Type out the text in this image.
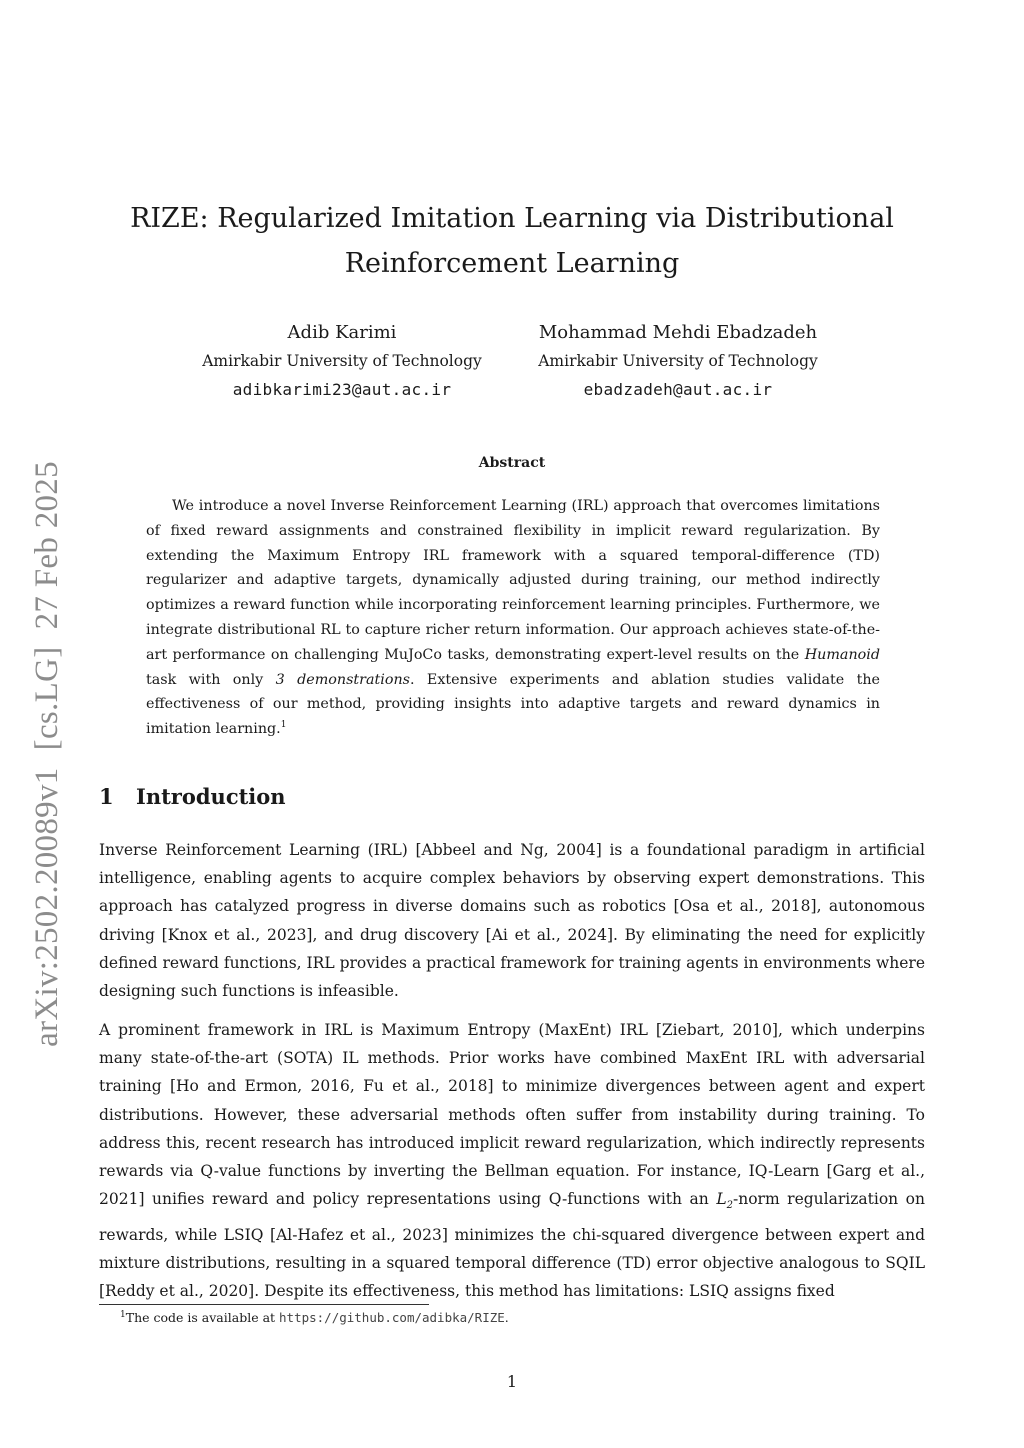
arXiv:2502.20089v1  [cs.LG]  27 Feb 2025
RIZE: Regularized Imitation Learning via Distributional
Reinforcement Learning
Adib Karimi
Amirkabir University of Technology
adibkarimi23@aut.ac.ir
Mohammad Mehdi Ebadzadeh
Amirkabir University of Technology
ebadzadeh@aut.ac.ir
Abstract

We introduce a novel Inverse Reinforcement Learning (IRL) approach that overcomes limitations of fixed reward assignments and constrained flexibility in implicit reward regularization. By extending the Maximum Entropy IRL framework with a squared temporal-difference (TD) regularizer and adaptive targets, dynamically adjusted during training, our method indirectly optimizes a reward function while incorporating reinforcement learning principles. Furthermore, we integrate distributional RL to capture richer return information. Our approach achieves state-of-the-art performance on challenging MuJoCo tasks, demonstrating expert-level results on the Humanoid task with only 3 demonstrations. Extensive experiments and ablation studies validate the effectiveness of our method, providing insights into adaptive targets and reward dynamics in imitation learning.$^1$

1 Introduction

Inverse Reinforcement Learning (IRL) [Abbeel and Ng, 2004] is a foundational paradigm in artificial intelligence, enabling agents to acquire complex behaviors by observing expert demonstrations. This approach has catalyzed progress in diverse domains such as robotics [Osa et al., 2018], autonomous driving [Knox et al., 2023], and drug discovery [Ai et al., 2024]. By eliminating the need for explicitly defined reward functions, IRL provides a practical framework for training agents in environments where designing such functions is infeasible.

A prominent framework in IRL is Maximum Entropy (MaxEnt) IRL [Ziebart, 2010], which underpins many state-of-the-art (SOTA) IL methods. Prior works have combined MaxEnt IRL with adversarial training [Ho and Ermon, 2016, Fu et al., 2018] to minimize divergences between agent and expert distributions. However, these adversarial methods often suffer from instability during training. To address this, recent research has introduced implicit reward regularization, which indirectly represents rewards via Q-value functions by inverting the Bellman equation. For instance, IQ-Learn [Garg et al., 2021] unifies reward and policy representations using Q-functions with an $L_2$-norm regularization on rewards, while LSIQ [Al-Hafez et al., 2023] minimizes the chi-squared divergence between expert and mixture distributions, resulting in a squared temporal difference (TD) error objective analogous to SQIL [Reddy et al., 2020]. Despite its effectiveness, this method has limitations: LSIQ assigns fixed

$^1$The code is available at https://github.com/adibka/RIZE.

1
